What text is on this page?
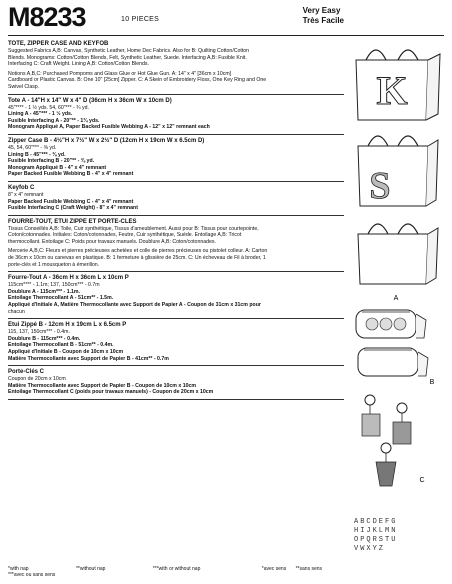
M8233	10 PIECES
Very Easy
Très Facile
TOTE, ZIPPER CASE AND KEYFOB
Suggested Fabrics A,B: Canvas, Synthetic Leather, Home Dec Fabrics. Also for B: Quilting Cotton/Cotton
Blends. Monograms: Cotton/Cotton Blends, Felt, Synthetic Leather, Suede. Interfacing A,B: Fusible Knit.
Interfacing C: Craft Weight. Lining A,B: Cotton/Cotton Blends.
Notions A,B,C: Purchased Pompoms and Glass Glue or Hot Glue Gun. A: 14" x 4" [36cm x 10cm]
Cardboard or Plastic Canvas. B: One 10" [25cm] Zipper. C: A Skein of Embroidery Floss, One Key Ring and One
Swivel Clasp.
Tote A - 14"H x 14" W x 4" D (36cm H x 36cm W x 10cm D)
45"**** - 1 ½ yds. 54, 60"*** - ¾ yd.
Lining A - 45"*** - 1 ½ yds.
Fusible Interfacing A - 20"** - 1¾ yds.
Monogram Appliqué A, Paper Backed Fusible Webbing A - 12" x 12" remnant each
Zipper Case B - 4½"H x 7½" W x 2½" D (12cm H x 19cm W x 6.5cm D)
45, 54, 60"*** - ⅜ yd.
Lining B - 45"*** - ⅜ yd.
Fusible Interfacing B - 20"** - ⅜ yd.
Monogram Appliqué B - 4" x 4" remnant
Paper Backed Fusible Webbing B - 4" x 4" remnant
Keyfob C
8" x 4" remnant
Paper Backed Fusible Webbing C - 4" x 4" remnant
Fusible Interfacing C (Craft Weight) - 8" x 4" remnant
FOURRE-TOUT, ÉTUI ZIPPÉ ET PORTE-CLÉS
Tissus Conseillés A,B: Toile, Cuir synthétique, Tissus d'ameublement. Aussi pour B: Tissus pour courtepointe,
Coton/cotonnades. Initiales: Coton/cotonnades, Feutre, Cuir synthétique, Suède. Entoilage A,B: Tricot
thermocollant. Entoilage C: Poids pour travaux manuels. Doublure A,B: Coton/cotonnades.
Mercerie A,B,C: Fleurs et pierres précieuses achetées et colle de pierres précieuses ou pistolet colleur. A: Carton
de 36cm x 10cm ou canevas en plastique. B: 1 fermeture à glissière de 25cm. C: Un écheveau de Fil à broder, 1
porte-clés et 1 mousqueton à émerillon.
Fourre-Tout A - 36cm H x 36cm L x 10cm P
115cm**** - 1.1m; 137, 150cm*** - 0.7m
Doublure A - 115cm*** - 1.1m.
Entoilage Thermocollant A - 51cm** - 1.5m.
Appliqué d'Initiale A, Matière Thermocollante avec Support de Papier A - Coupon de 31cm x 31cm pour
chacun
Étui Zippé B - 12cm H x 19cm L x 6.5cm P
115, 137, 150cm*** - 0.4m.
Doublure B - 115cm*** - 0.4m.
Entoilage Thermocollant B - 51cm** - 0.4m.
Appliqué d'Initiale B - Coupon de 10cm x 10cm
Matière Thermocollante avec Support de Papier B - 41cm** - 0.7m
Porte-Clés C
Coupon de 20cm x 10cm
Matière Thermocollante avec Support de Papier B - Coupon de 10cm x 10cm
Entoilage Thermocollant C (poids pour travaux manuels) - Coupon de 20cm x 10cm
K
S
A
B
C
ABCDEFG
HIJKLMN
OPQRSTU
VWXYZ
*with nap	**without nap	***with or without nap	*avec sens **sans sens ***avec ou sans sens
